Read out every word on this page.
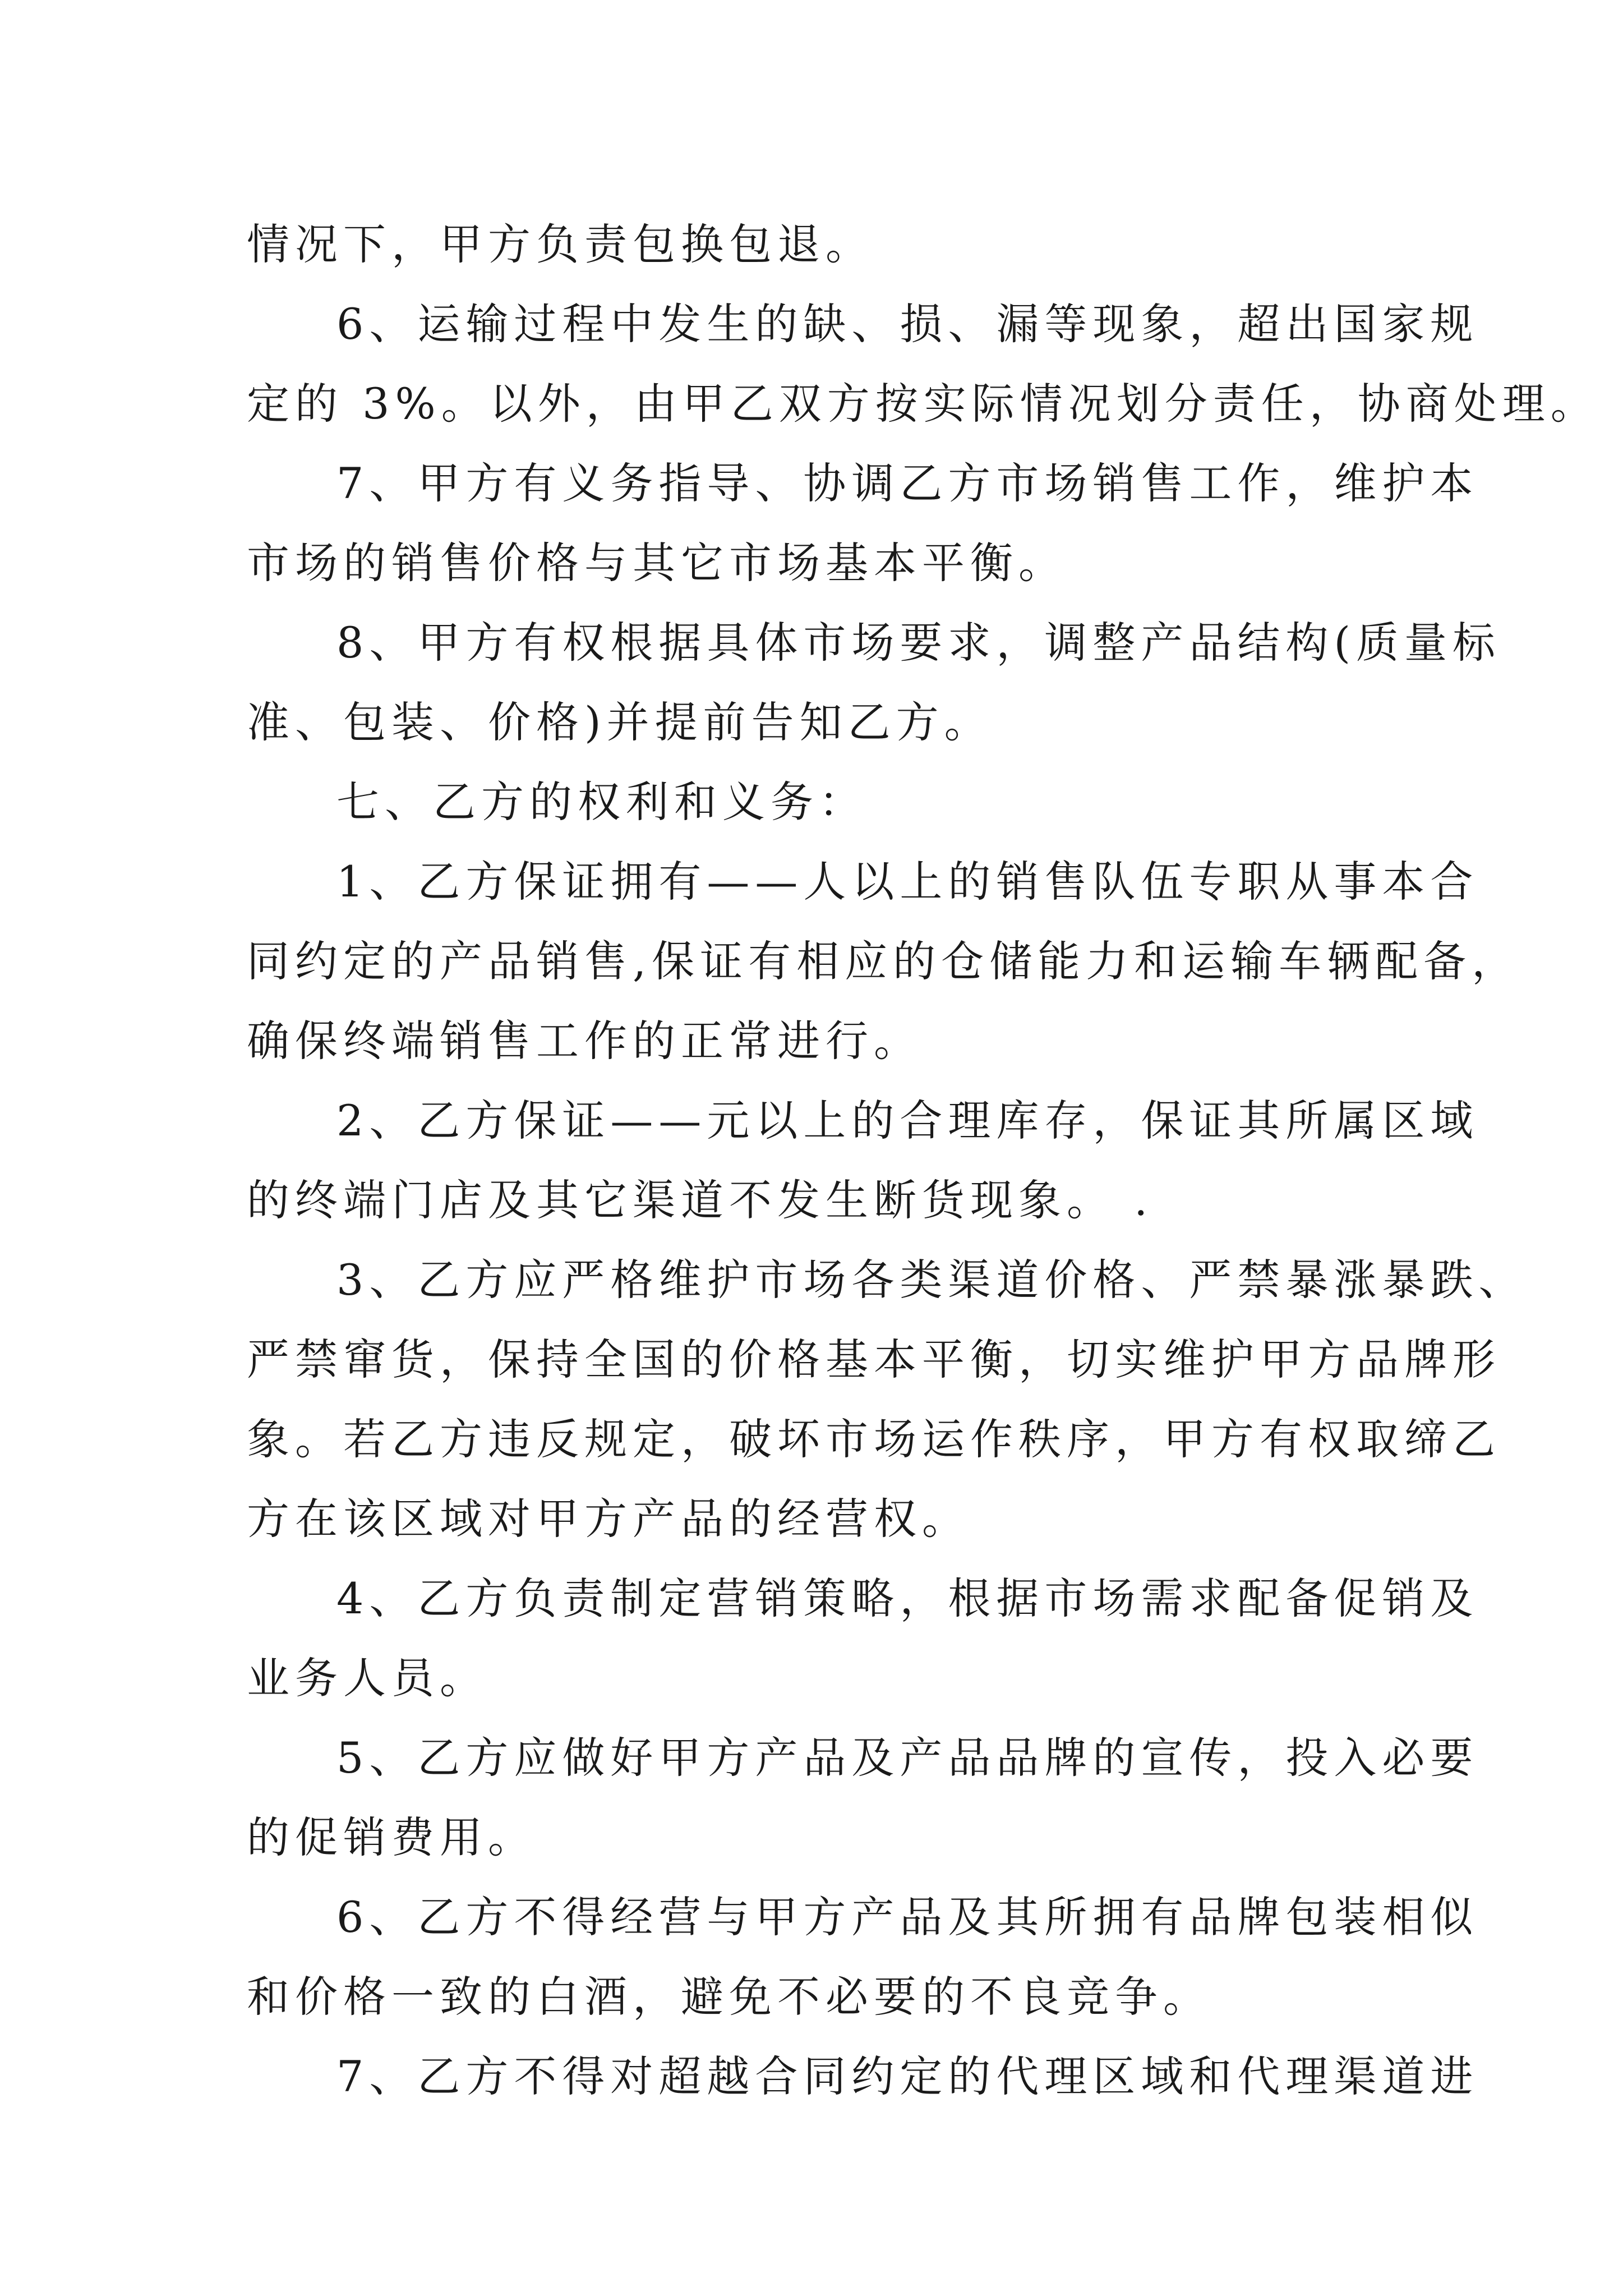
情况下，甲方负责包换包退。
6、运输过程中发生的缺、损、漏等现象，超出国家规
定的 3%。以外，由甲乙双方按实际情况划分责任，协商处理。
7、甲方有义务指导、协调乙方市场销售工作，维护本
市场的销售价格与其它市场基本平衡。
8、甲方有权根据具体市场要求，调整产品结构(质量标
准、包装、价格)并提前告知乙方。
七、乙方的权利和义务：
1、乙方保证拥有——人以上的销售队伍专职从事本合
同约定的产品销售,保证有相应的仓储能力和运输车辆配备，
确保终端销售工作的正常进行。
2、乙方保证——元以上的合理库存，保证其所属区域
的终端门店及其它渠道不发生断货现象。 .
3、乙方应严格维护市场各类渠道价格、严禁暴涨暴跌、
严禁窜货，保持全国的价格基本平衡，切实维护甲方品牌形
象。若乙方违反规定，破坏市场运作秩序，甲方有权取缔乙
方在该区域对甲方产品的经营权。
4、乙方负责制定营销策略，根据市场需求配备促销及
业务人员。
5、乙方应做好甲方产品及产品品牌的宣传，投入必要
的促销费用。
6、乙方不得经营与甲方产品及其所拥有品牌包装相似
和价格一致的白酒，避免不必要的不良竞争。
7、乙方不得对超越合同约定的代理区域和代理渠道进
